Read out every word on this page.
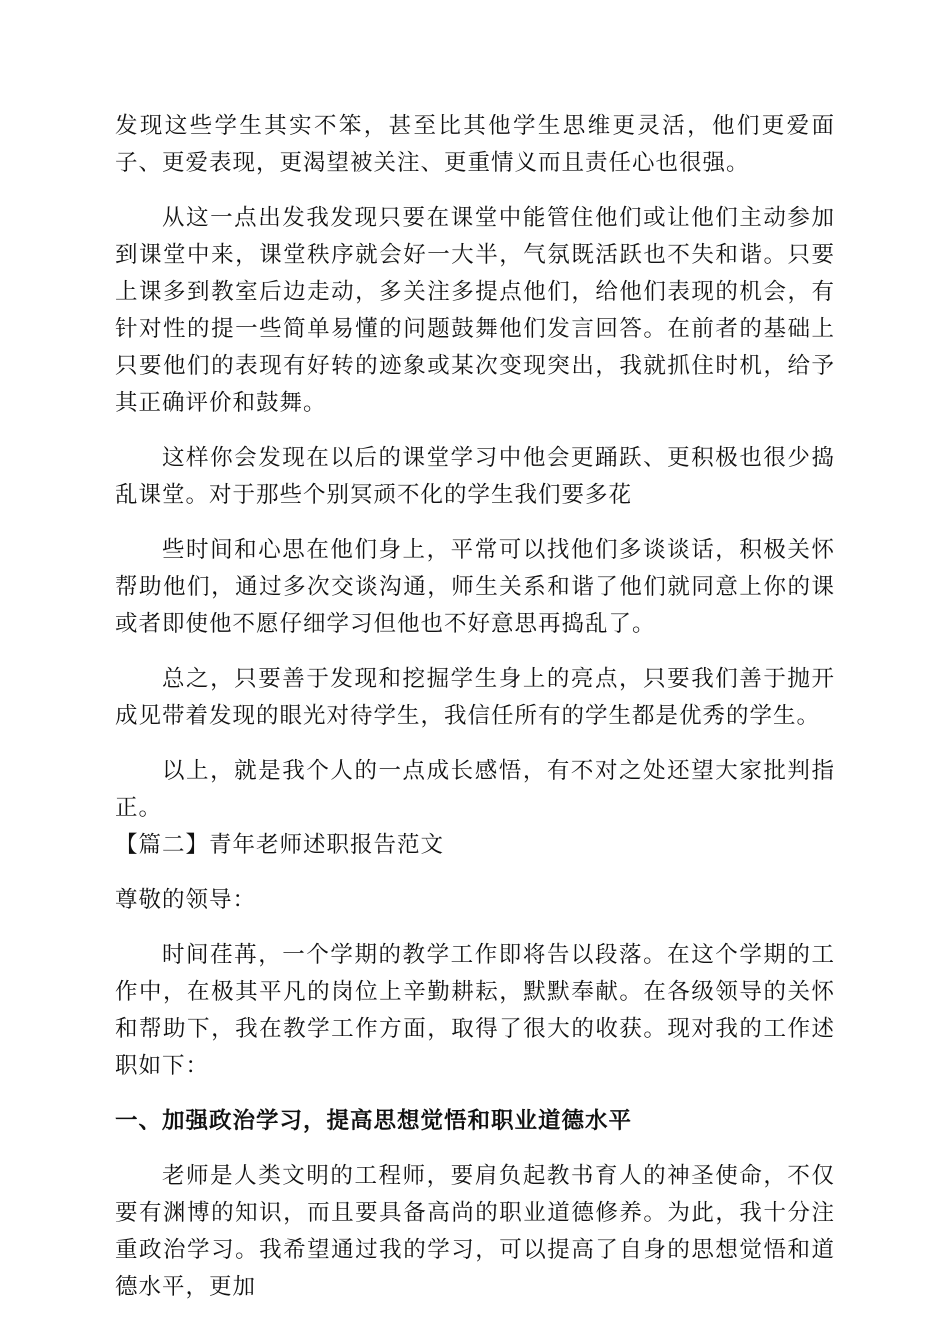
发现这些学生其实不笨，甚至比其他学生思维更灵活，他们更爱面子、更爱表现，更渴望被关注、更重情义而且责任心也很强。

从这一点出发我发现只要在课堂中能管住他们或让他们主动参加到课堂中来，课堂秩序就会好一大半，气氛既活跃也不失和谐。只要上课多到教室后边走动，多关注多提点他们，给他们表现的机会，有针对性的提一些简单易懂的问题鼓舞他们发言回答。在前者的基础上只要他们的表现有好转的迹象或某次变现突出，我就抓住时机，给予其正确评价和鼓舞。

这样你会发现在以后的课堂学习中他会更踊跃、更积极也很少捣乱课堂。对于那些个别冥顽不化的学生我们要多花

些时间和心思在他们身上，平常可以找他们多谈谈话，积极关怀帮助他们，通过多次交谈沟通，师生关系和谐了他们就同意上你的课或者即使他不愿仔细学习但他也不好意思再捣乱了。

总之，只要善于发现和挖掘学生身上的亮点，只要我们善于抛开成见带着发现的眼光对待学生，我信任所有的学生都是优秀的学生。

以上，就是我个人的一点成长感悟，有不对之处还望大家批判指正。

【篇二】青年老师述职报告范文

尊敬的领导：

时间荏苒，一个学期的教学工作即将告以段落。在这个学期的工作中，在极其平凡的岗位上辛勤耕耘，默默奉献。在各级领导的关怀和帮助下，我在教学工作方面，取得了很大的收获。现对我的工作述职如下：

一、加强政治学习，提高思想觉悟和职业道德水平

老师是人类文明的工程师，要肩负起教书育人的神圣使命，不仅要有渊博的知识，而且要具备高尚的职业道德修养。为此，我十分注重政治学习。我希望通过我的学习，可以提高了自身的思想觉悟和道德水平，更加
